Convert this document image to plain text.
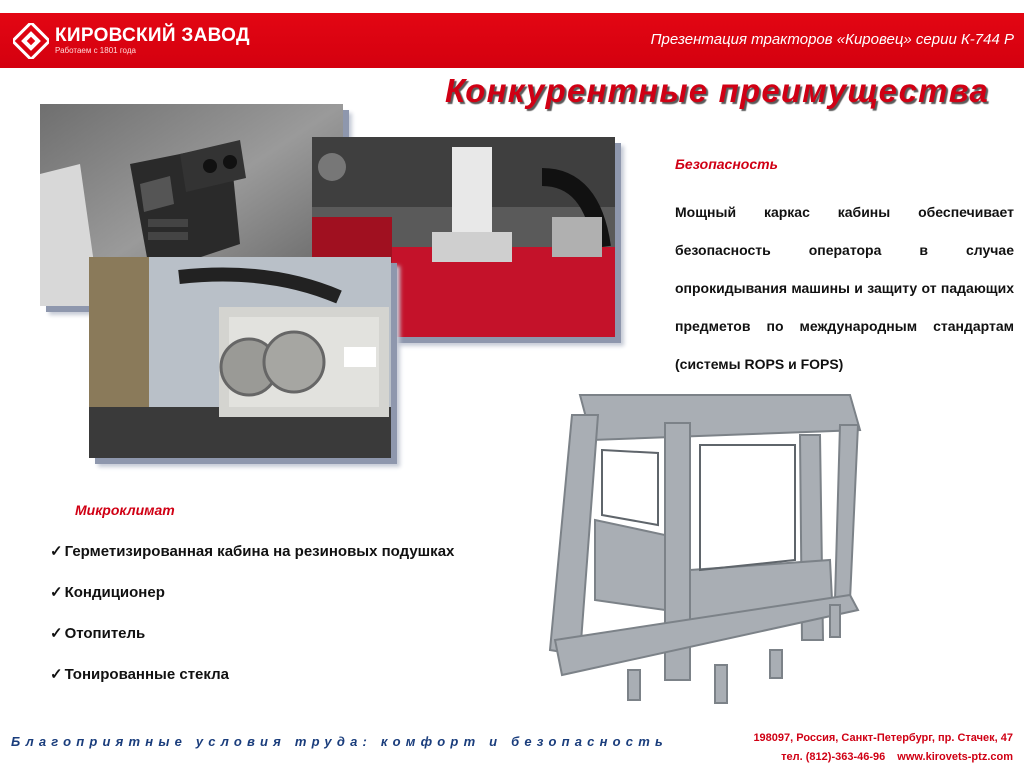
КИРОВСКИЙ ЗАВОД
Работаем с 1801 года
Презентация тракторов «Кировец» серии К-744 Р
Конкурентные преимущества
Безопасность
Мощный каркас кабины обеспечивает безопасность оператора в случае опрокидывания машины и защиту от падающих предметов по международным стандартам (системы ROPS и FOPS)
Микроклимат
✓ Герметизированная кабина на резиновых подушках
✓ Кондиционер
✓ Отопитель
✓ Тонированные стекла
Благоприятные условия труда: комфорт и безопасность	198097, Россия, Санкт-Петербург, пр. Стачек, 47
тел. (812)-363-46-96 www.kirovets-ptz.com
